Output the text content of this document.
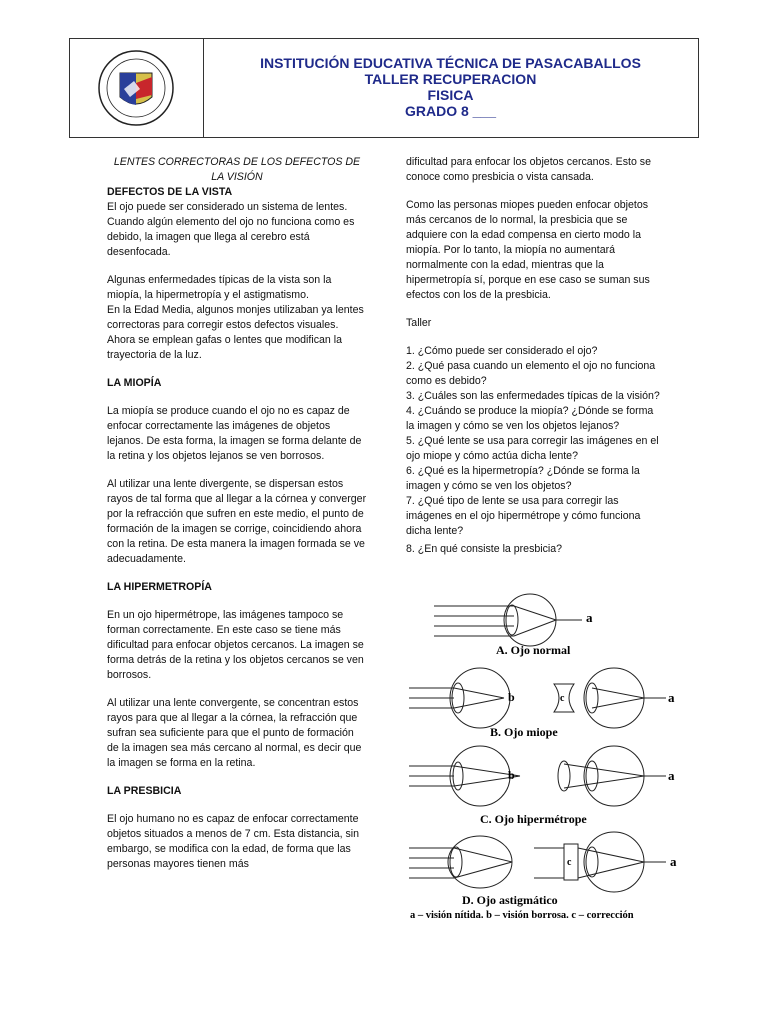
INSTITUCIÓN EDUCATIVA TÉCNICA DE PASACABALLOS
TALLER RECUPERACION
FISICA
GRADO 8 ___

LENTES CORRECTORAS DE LOS DEFECTOS DE LA VISIÓN

DEFECTOS DE LA VISTA

El ojo puede ser considerado un sistema de lentes. Cuando algún elemento del ojo no funciona como es debido, la imagen que llega al cerebro está desenfocada.

Algunas enfermedades típicas de la vista son la miopía, la hipermetropía y el astigmatismo.

En la Edad Media, algunos monjes utilizaban ya lentes correctoras para corregir estos defectos visuales. Ahora se emplean gafas o lentes que modifican la trayectoria de la luz.

LA MIOPÍA

La miopía se produce cuando el ojo no es capaz de enfocar correctamente las imágenes de objetos lejanos. De esta forma, la imagen se forma delante de la retina y los objetos lejanos se ven borrosos.

Al utilizar una lente divergente, se dispersan estos rayos de tal forma que al llegar a la córnea y converger por la refracción que sufren en este medio, el punto de formación de la imagen se corrige, coincidiendo ahora con la retina. De esta manera la imagen formada se ve adecuadamente.

LA HIPERMETROPÍA

En un ojo hipermétrope, las imágenes tampoco se forman correctamente. En este caso se tiene más dificultad para enfocar objetos cercanos. La imagen se forma detrás de la retina y los objetos cercanos se ven borrosos.

Al utilizar una lente convergente, se concentran estos rayos para que al llegar a la córnea, la refracción que sufran sea suficiente para que el punto de formación de la imagen sea más cercano al normal, es decir que la imagen se forma en la retina.

LA PRESBICIA

El ojo humano no es capaz de enfocar correctamente objetos situados a menos de 7 cm. Esta distancia, sin embargo, se modifica con la edad, de forma que las personas mayores tienen más

dificultad para enfocar los objetos cercanos. Esto se conoce como presbicia o vista cansada.

Como las personas miopes pueden enfocar objetos más cercanos de lo normal, la presbicia que se adquiere con la edad compensa en cierto modo la miopía. Por lo tanto, la miopía no aumentará normalmente con la edad, mientras que la hipermetropía sí, porque en ese caso se suman sus efectos con los de la presbicia.

Taller

1. ¿Cómo puede ser considerado el ojo?
2. ¿Qué pasa cuando un elemento el ojo no funciona como es debido?
3. ¿Cuáles son las enfermedades típicas de la visión?
4. ¿Cuándo se produce la miopía? ¿Dónde se forma la imagen y cómo se ven los objetos lejanos?
5. ¿Qué lente se usa para corregir las imágenes en el ojo miope y cómo actúa dicha lente?
6. ¿Qué es la hipermetropía? ¿Dónde se forma la imagen y cómo se ven los objetos?
7. ¿Qué tipo de lente se usa para corregir las imágenes en el ojo hipermétrope y cómo funciona dicha lente?
8. ¿En qué consiste la presbicia?
a
A. Ojo normal
b	c	a
B. Ojo miope
b	a
C. Ojo hipermétrope
c	a
D. Ojo astigmático
a – visión nítida. b – visión borrosa. c – corrección
